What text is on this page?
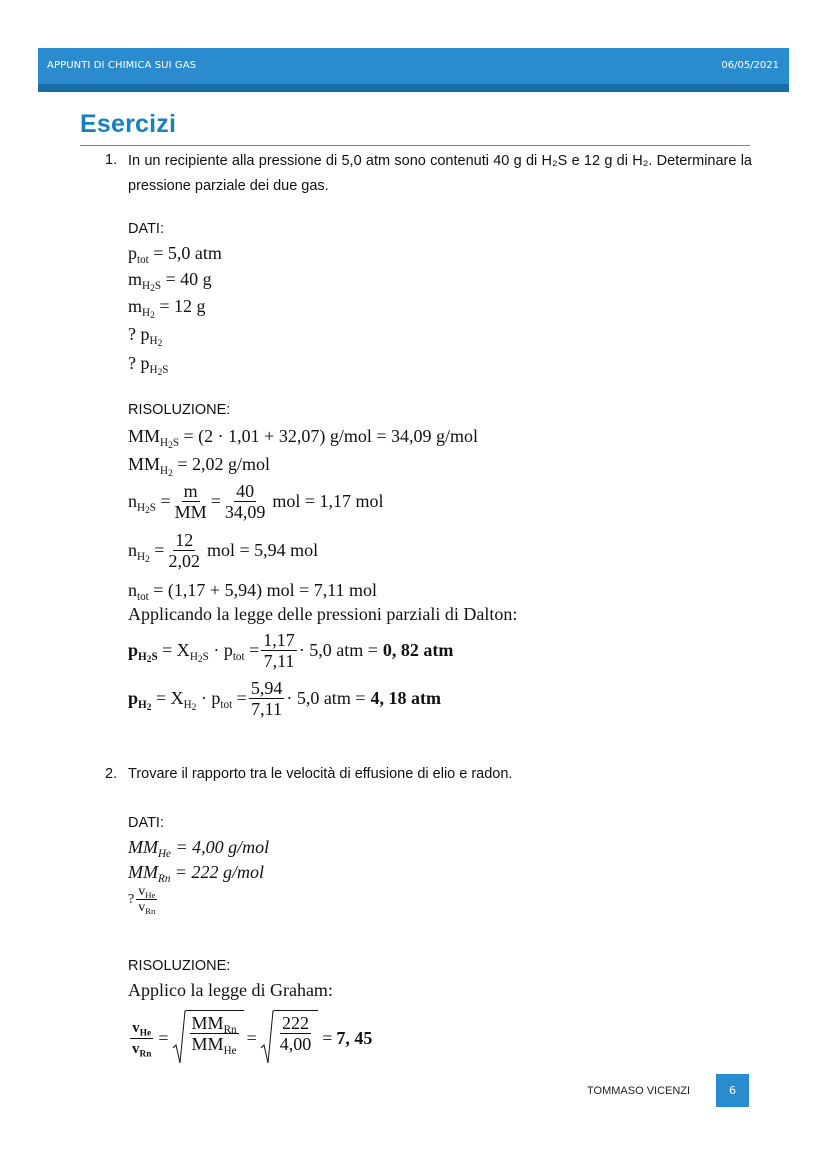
APPUNTI DI CHIMICA SUI GAS	06/05/2021
Esercizi
1. In un recipiente alla pressione di 5,0 atm sono contenuti 40 g di H₂S e 12 g di H₂. Determinare la pressione parziale dei due gas.
DATI:
$p_{tot} = 5,0$ atm
$m_{H_2S} = 40$ g
$m_{H_2} = 12$ g
? $p_{H_2}$
? $p_{H_2S}$
RISOLUZIONE:
$MM_{H_2S} = (2 \cdot 1,01 + 32,07) g/mol = 34,09$ g/mol
$MM_{H_2} = 2,02$ g/mol
$n_{H_2S} = \frac{m}{MM} = \frac{40}{34,09}$ mol = 1,17 mol
$n_{H_2} = \frac{12}{2,02}$ mol = 5,94 mol
$n_{tot} = (1,17 + 5,94)$ mol = 7,11 mol
Applicando la legge delle pressioni parziali di Dalton:
$p_{H_2S} = X_{H_2S} \cdot p_{tot} = \frac{1,17}{7,11} \cdot 5,0$ atm = 0, 82 atm
$p_{H_2} = X_{H_2} \cdot p_{tot} = \frac{5,94}{7,11} \cdot 5,0$ atm = 4, 18 atm
2. Trovare il rapporto tra le velocità di effusione di elio e radon.
DATI:
$MM_{He} = 4,00$ g/mol
$MM_{Rn} = 222$ g/mol
? $\frac{v_{He}}{v_{Rn}}$
RISOLUZIONE:
Applico la legge di Graham:
$\frac{v_{He}}{v_{Rn}} = \frac{MM_{Rn}}{MM_{He}} = \frac{222}{4,00} = 7$, 45
TOMMASO VICENZI	6
